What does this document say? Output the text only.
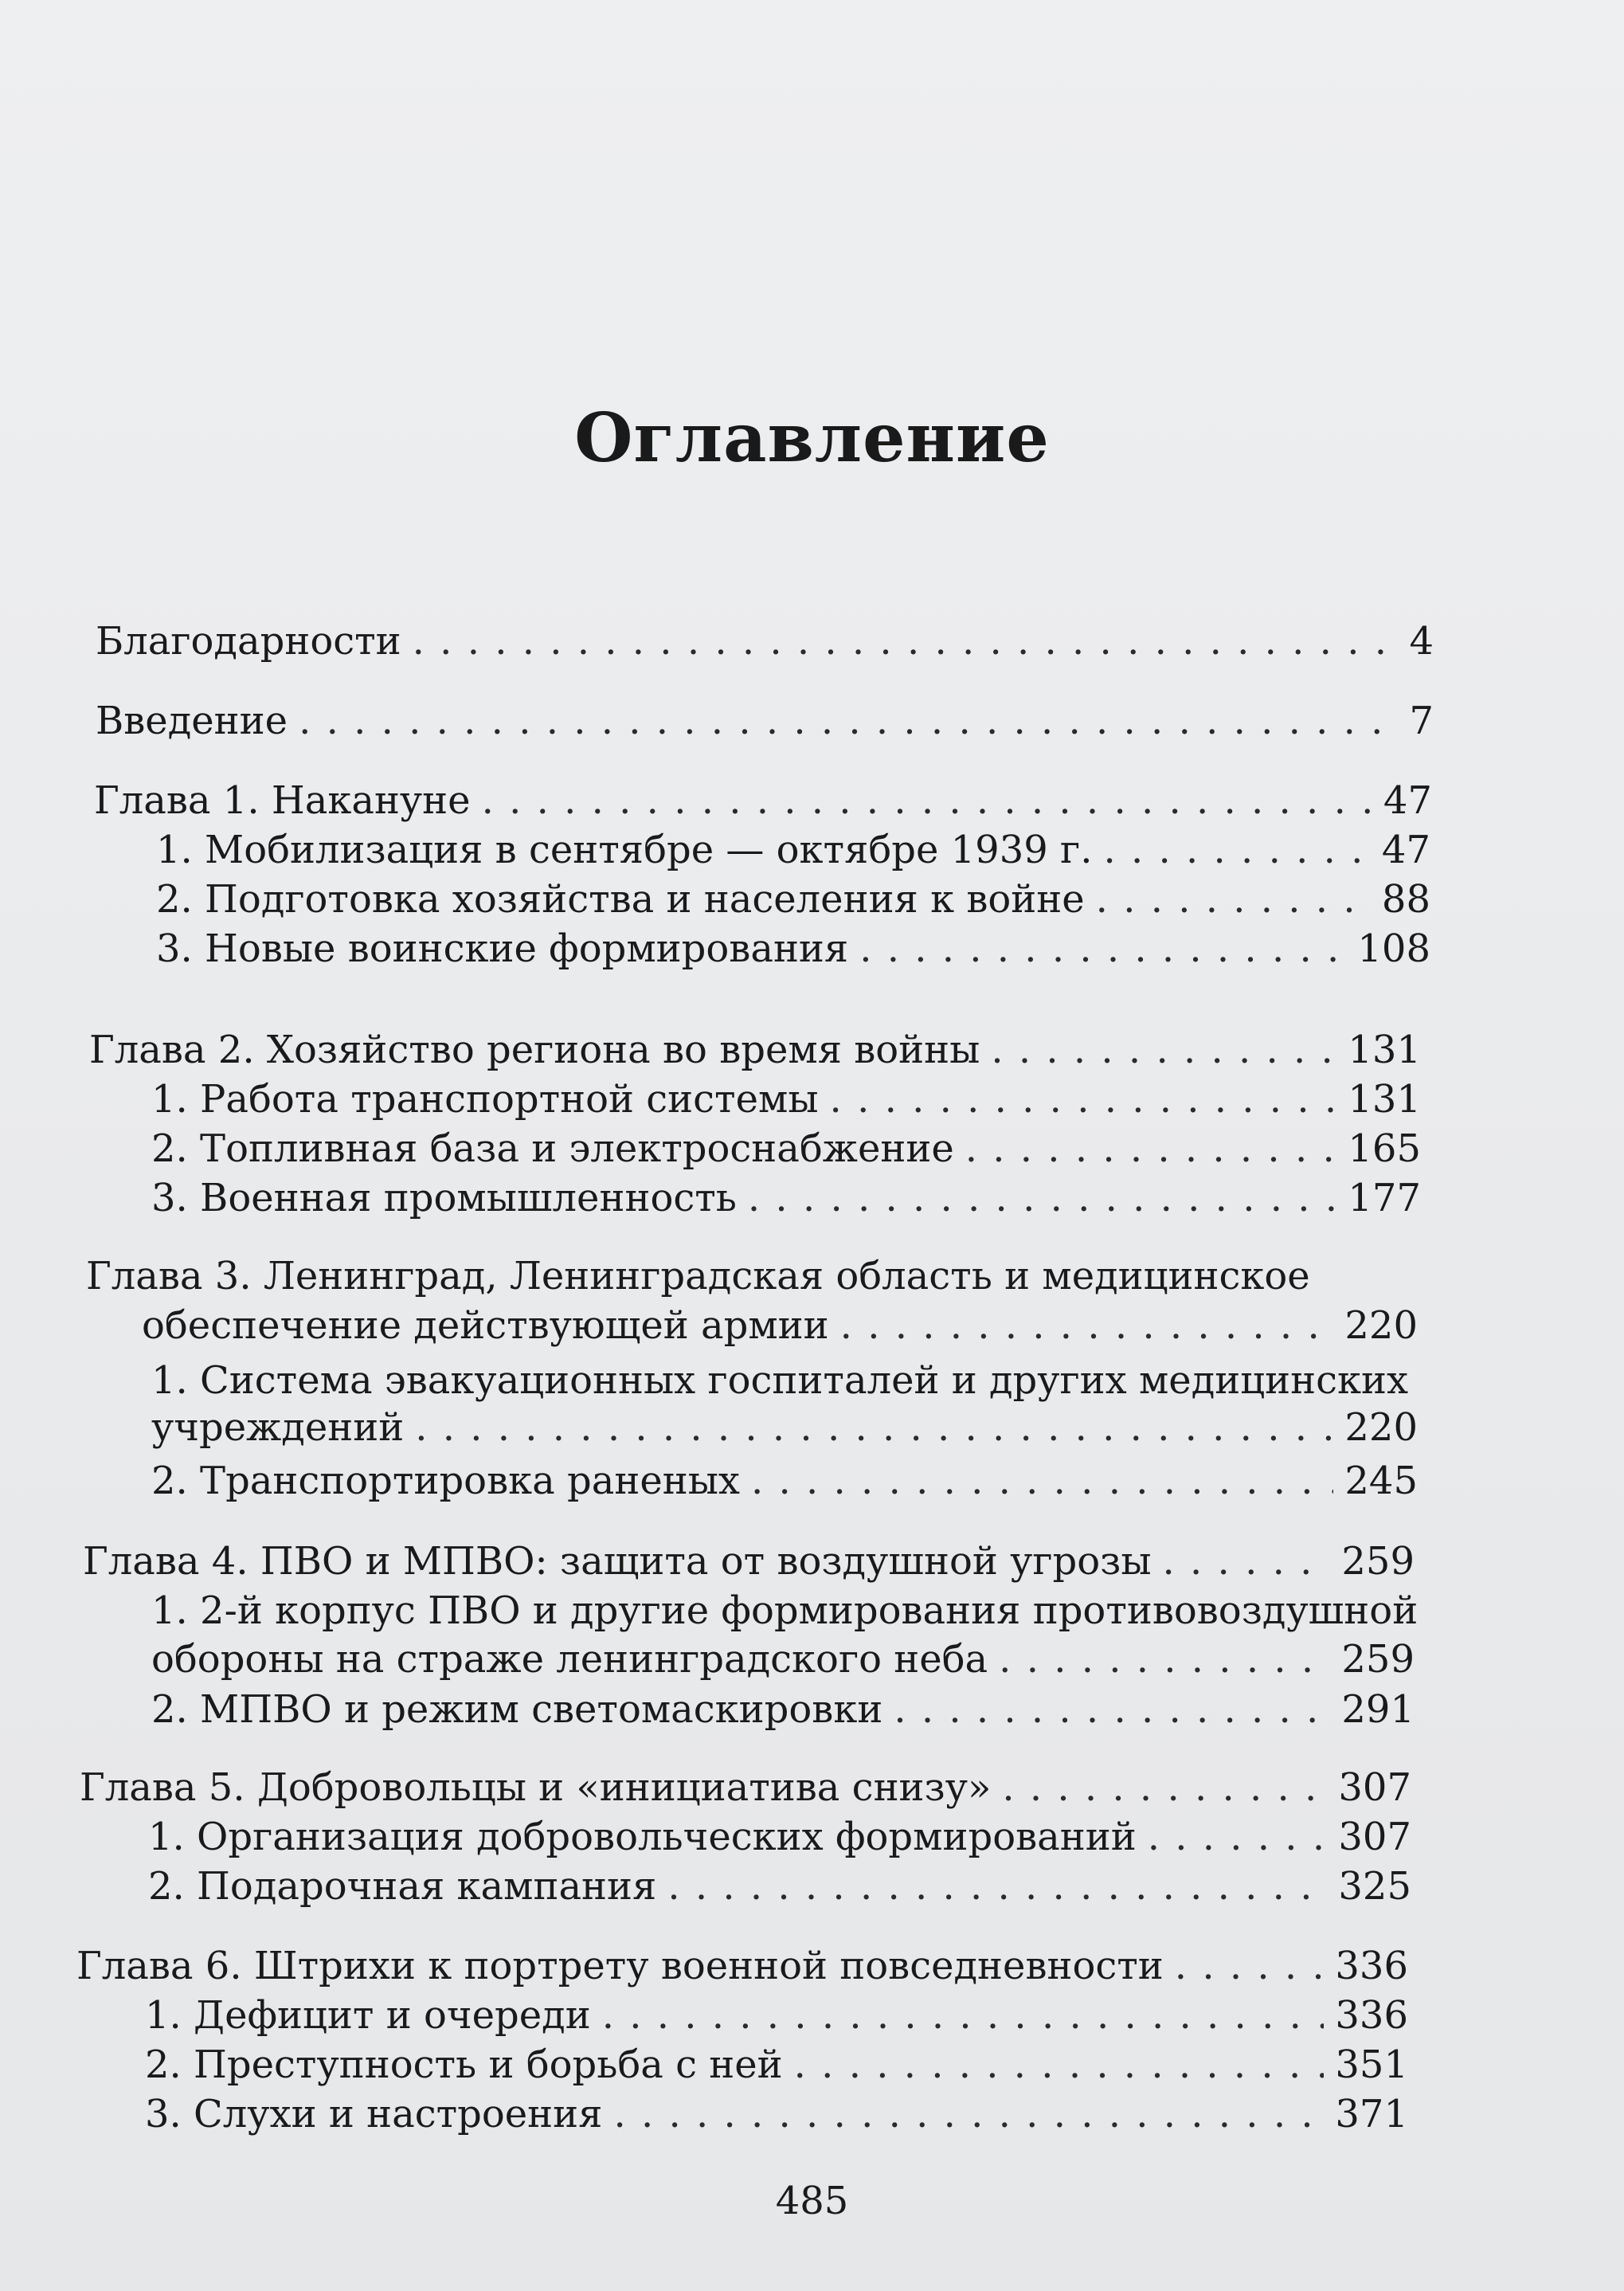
Оглавление
Благодарности . . .	4
Введение . . .	7
Глава 1. Накануне . . .	47
1. Мобилизация в сентябре — октябре 1939 г. . . .	47
2. Подготовка хозяйства и населения к войне . . .	88
3. Новые воинские формирования . . .	108
Глава 2. Хозяйство региона во время войны . . .	131
1. Работа транспортной системы . . .	131
2. Топливная база и электроснабжение . . .	165
3. Военная промышленность . . .	177
Глава 3. Ленинград, Ленинградская область и медицинское
обеспечение действующей армии . . .	220
1. Система эвакуационных госпиталей и других медицинских
учреждений . . .	220
2. Транспортировка раненых . . .	245
Глава 4. ПВО и МПВО: защита от воздушной угрозы . . .	259
1. 2-й корпус ПВО и другие формирования противовоздушной
обороны на страже ленинградского неба . . .	259
2. МПВО и режим светомаскировки . . .	291
Глава 5. Добровольцы и «инициатива снизу» . . .	307
1. Организация добровольческих формирований . . .	307
2. Подарочная кампания . . .	325
Глава 6. Штрихи к портрету военной повседневности . . .	336
1. Дефицит и очереди . . .	336
2. Преступность и борьба с ней . . .	351
3. Слухи и настроения . . .	371
485
